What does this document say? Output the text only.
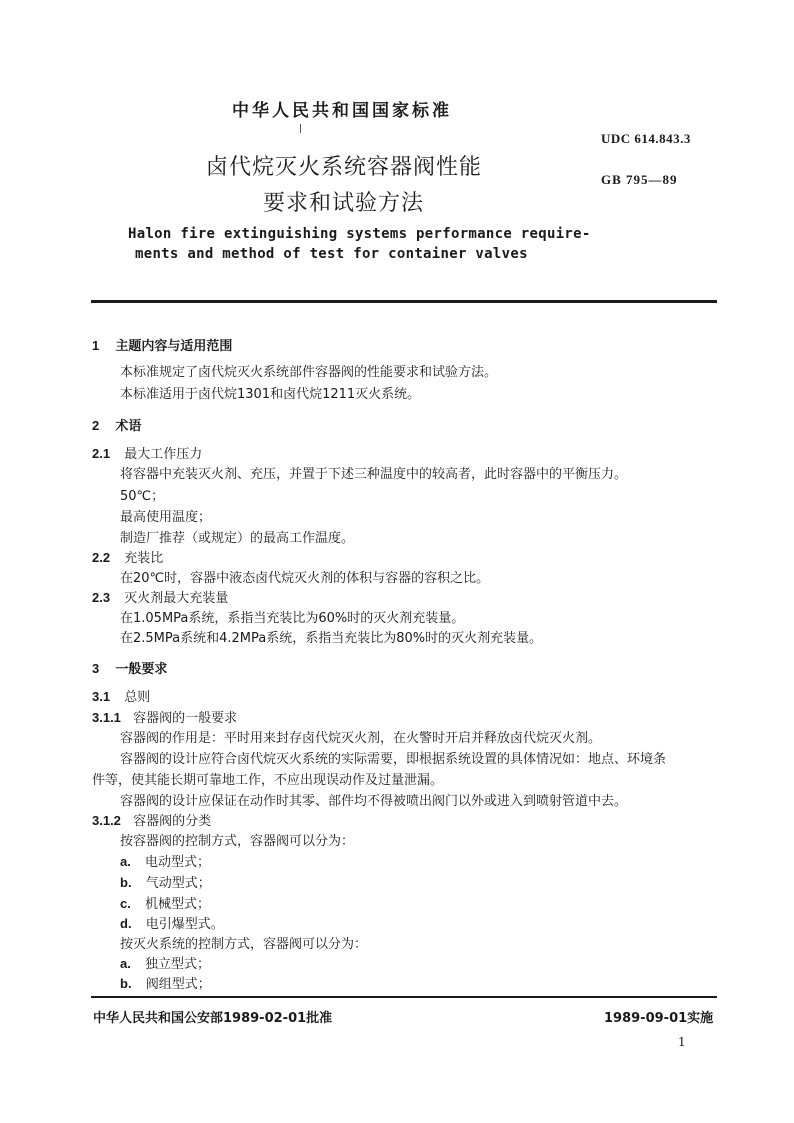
中华人民共和国国家标准
UDC 614.843.3
GB 795—89
卤代烷灭火系统容器阀性能
要求和试验方法
Halon fire extinguishing systems performance require-
ments and method of test for container valves
1 主题内容与适用范围
本标准规定了卤代烷灭火系统部件容器阀的性能要求和试验方法。
本标准适用于卤代烷1301和卤代烷1211灭火系统。
2 术语
2.1 最大工作压力
将容器中充装灭火剂、充压，并置于下述三种温度中的较高者，此时容器中的平衡压力。
50℃；
最高使用温度；
制造厂推荐（或规定）的最高工作温度。
2.2 充装比
在20℃时，容器中液态卤代烷灭火剂的体积与容器的容积之比。
2.3 灭火剂最大充装量
在1.05MPa系统，系指当充装比为60%时的灭火剂充装量。
在2.5MPa系统和4.2MPa系统，系指当充装比为80%时的灭火剂充装量。
3 一般要求
3.1 总则
3.1.1 容器阀的一般要求
容器阀的作用是：平时用来封存卤代烷灭火剂，在火警时开启并释放卤代烷灭火剂。
容器阀的设计应符合卤代烷灭火系统的实际需要，即根据系统设置的具体情况如：地点、环境条
件等，使其能长期可靠地工作，不应出现误动作及过量泄漏。
容器阀的设计应保证在动作时其零、部件均不得被喷出阀门以外或进入到喷射管道中去。
3.1.2 容器阀的分类
按容器阀的控制方式，容器阀可以分为：
a. 电动型式；
b. 气动型式；
c. 机械型式；
d. 电引爆型式。
按灭火系统的控制方式，容器阀可以分为：
a. 独立型式；
b. 阀组型式；
中华人民共和国公安部1989-02-01批准	1989-09-01实施
1
